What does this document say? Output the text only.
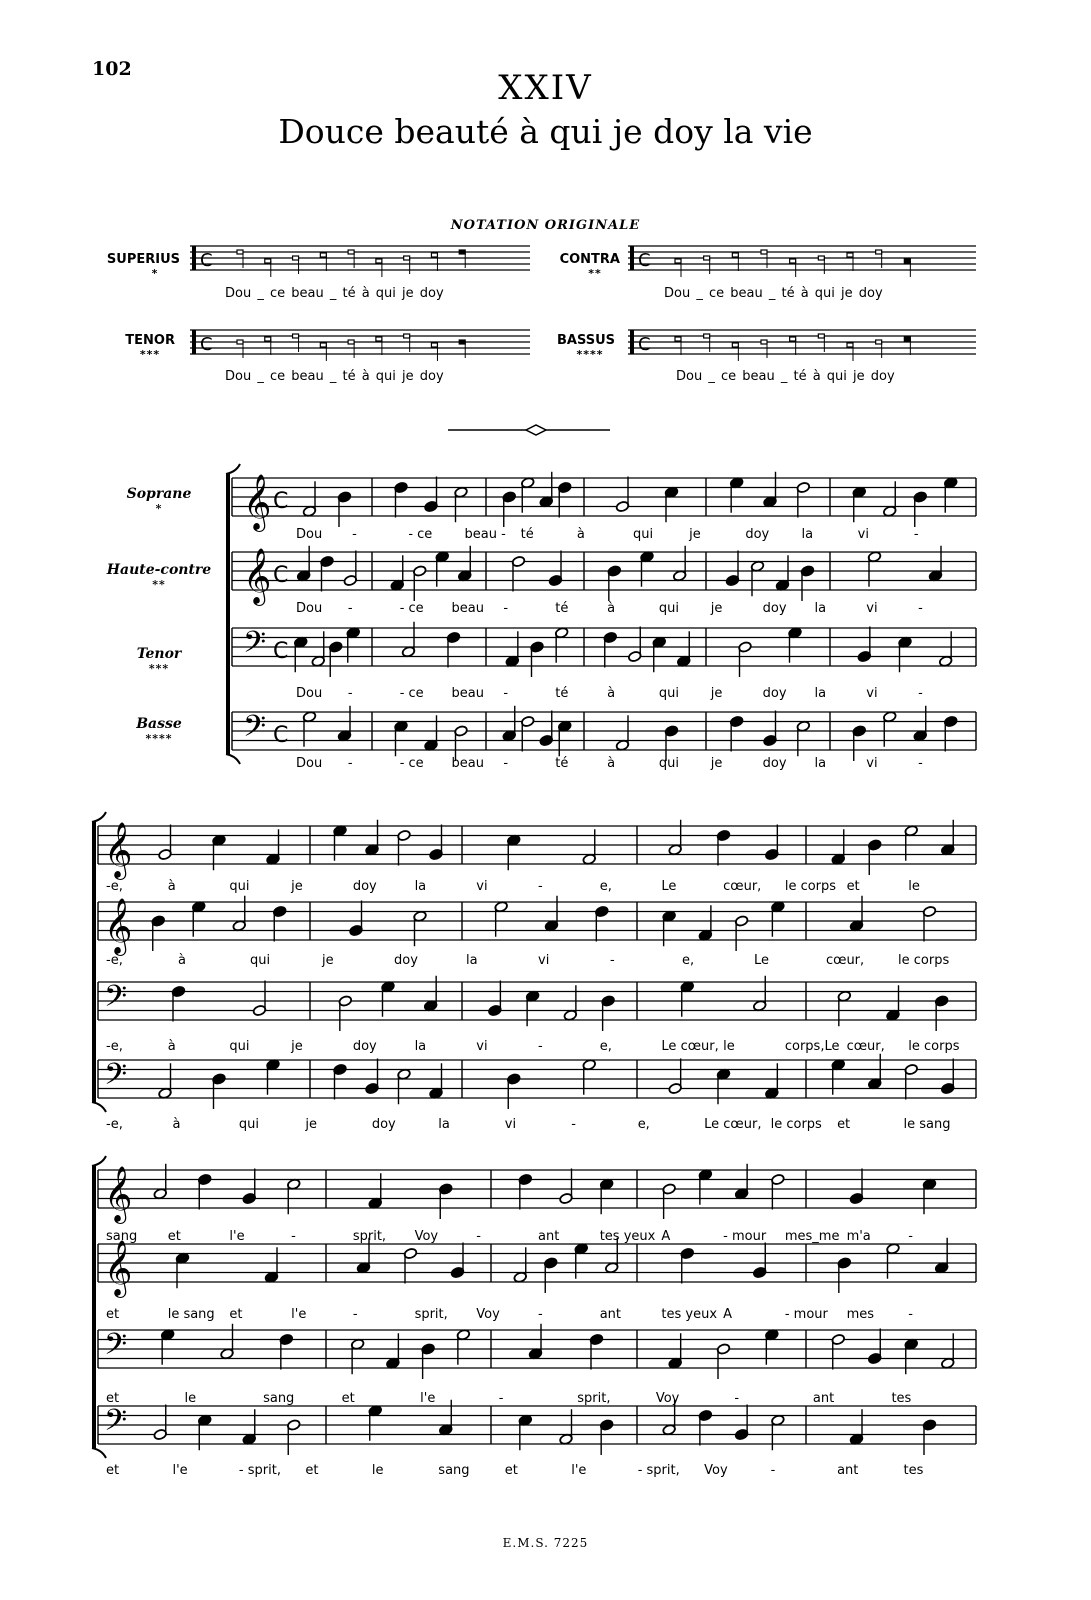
102	XXIV
Douce beauté à qui je doy la vie
NOTATION ORIGINALE
SUPERIUS
*
CONTRA
**
TENOR
***
BASSUS
****
Dou _ ce beau _ té à qui je doy	Dou _ ce beau _ té à qui je doy
Dou _ ce beau _ té à qui je doy	Dou _ ce beau _ té à qui je doy
Soprane
*
Haute-contre
**
Tenor
***
Basse
****
C	C
C	C
𝄞 C
𝄞 C
𝄢 C
𝄢 C
Dou -	- ce beau - té	à	qui	je	doy la	vi	-
Dou -	- ce beau -	té	à	qui je	doy la	vi	-
Dou -	- ce beau -	té	à	qui je	doy la	vi	-
Dou -	- ce beau -	té	à	qui je	doy la	vi	-
𝄞
𝄞
𝄢
𝄢
-e,	à	qui	je	doy	la	vi	-	e,	Le	cœur, le corps et	le
-e,	à	qui	je	doy	la	vi	-	e,	Le	cœur,	le corps
-e,	à	qui	je	doy	la	vi	-	e,	Le cœur, le	corps,Le cœur, le corps
-e,	à	qui	je	doy	la	vi	-	e,	Le cœur, le corps et	le sang
𝄞
𝄞
𝄢
𝄢
sang et	l'e	-	sprit, Voy	-	ant	tes yeux A	- mour mes_me m'a	-
et	le sang et	l'e	-	sprit, Voy	-	ant	tes yeux A	- mour mes	-
et	le	sang	et	l'e	-	sprit,	Voy	-	ant	tes
et	l'e	- sprit, et	le	sang	et	l'e	- sprit, Voy	-	ant	tes
E.M.S. 7225
